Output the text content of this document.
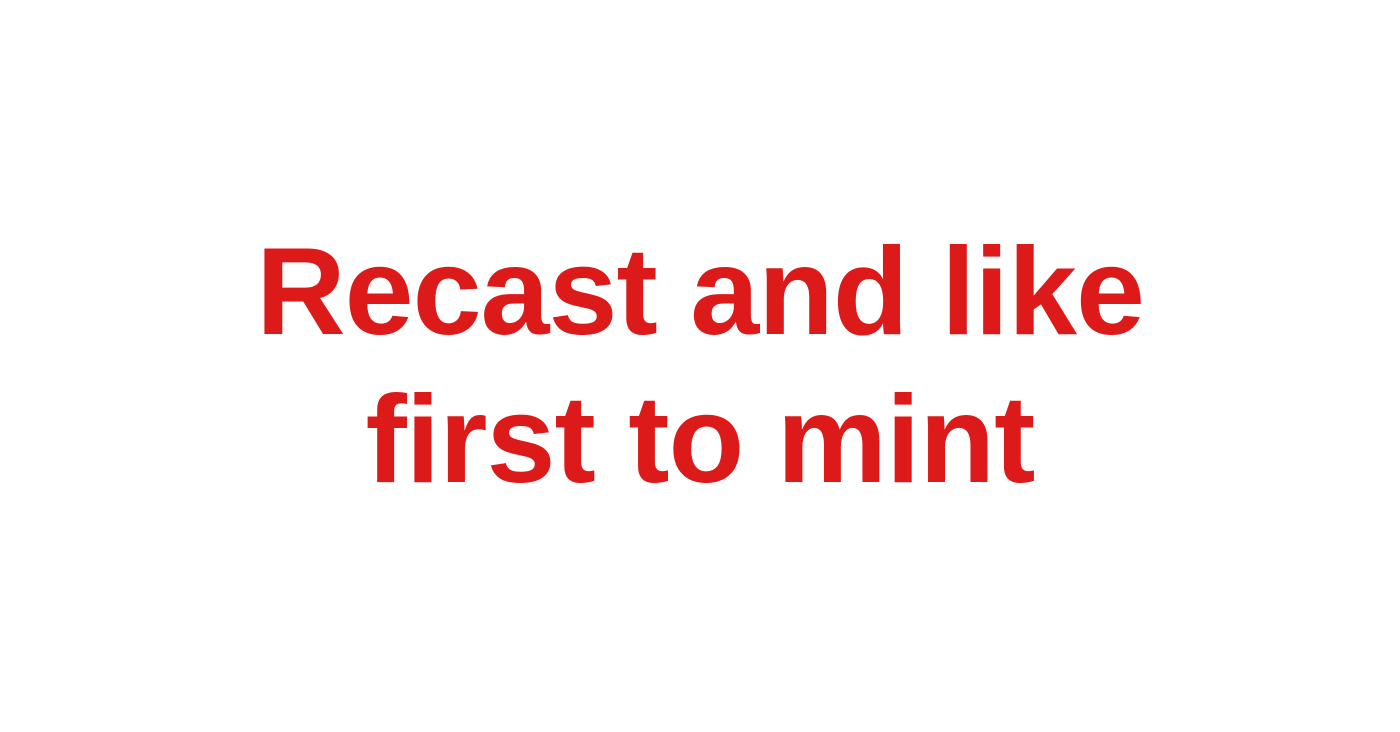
Recast and like
first to mint
